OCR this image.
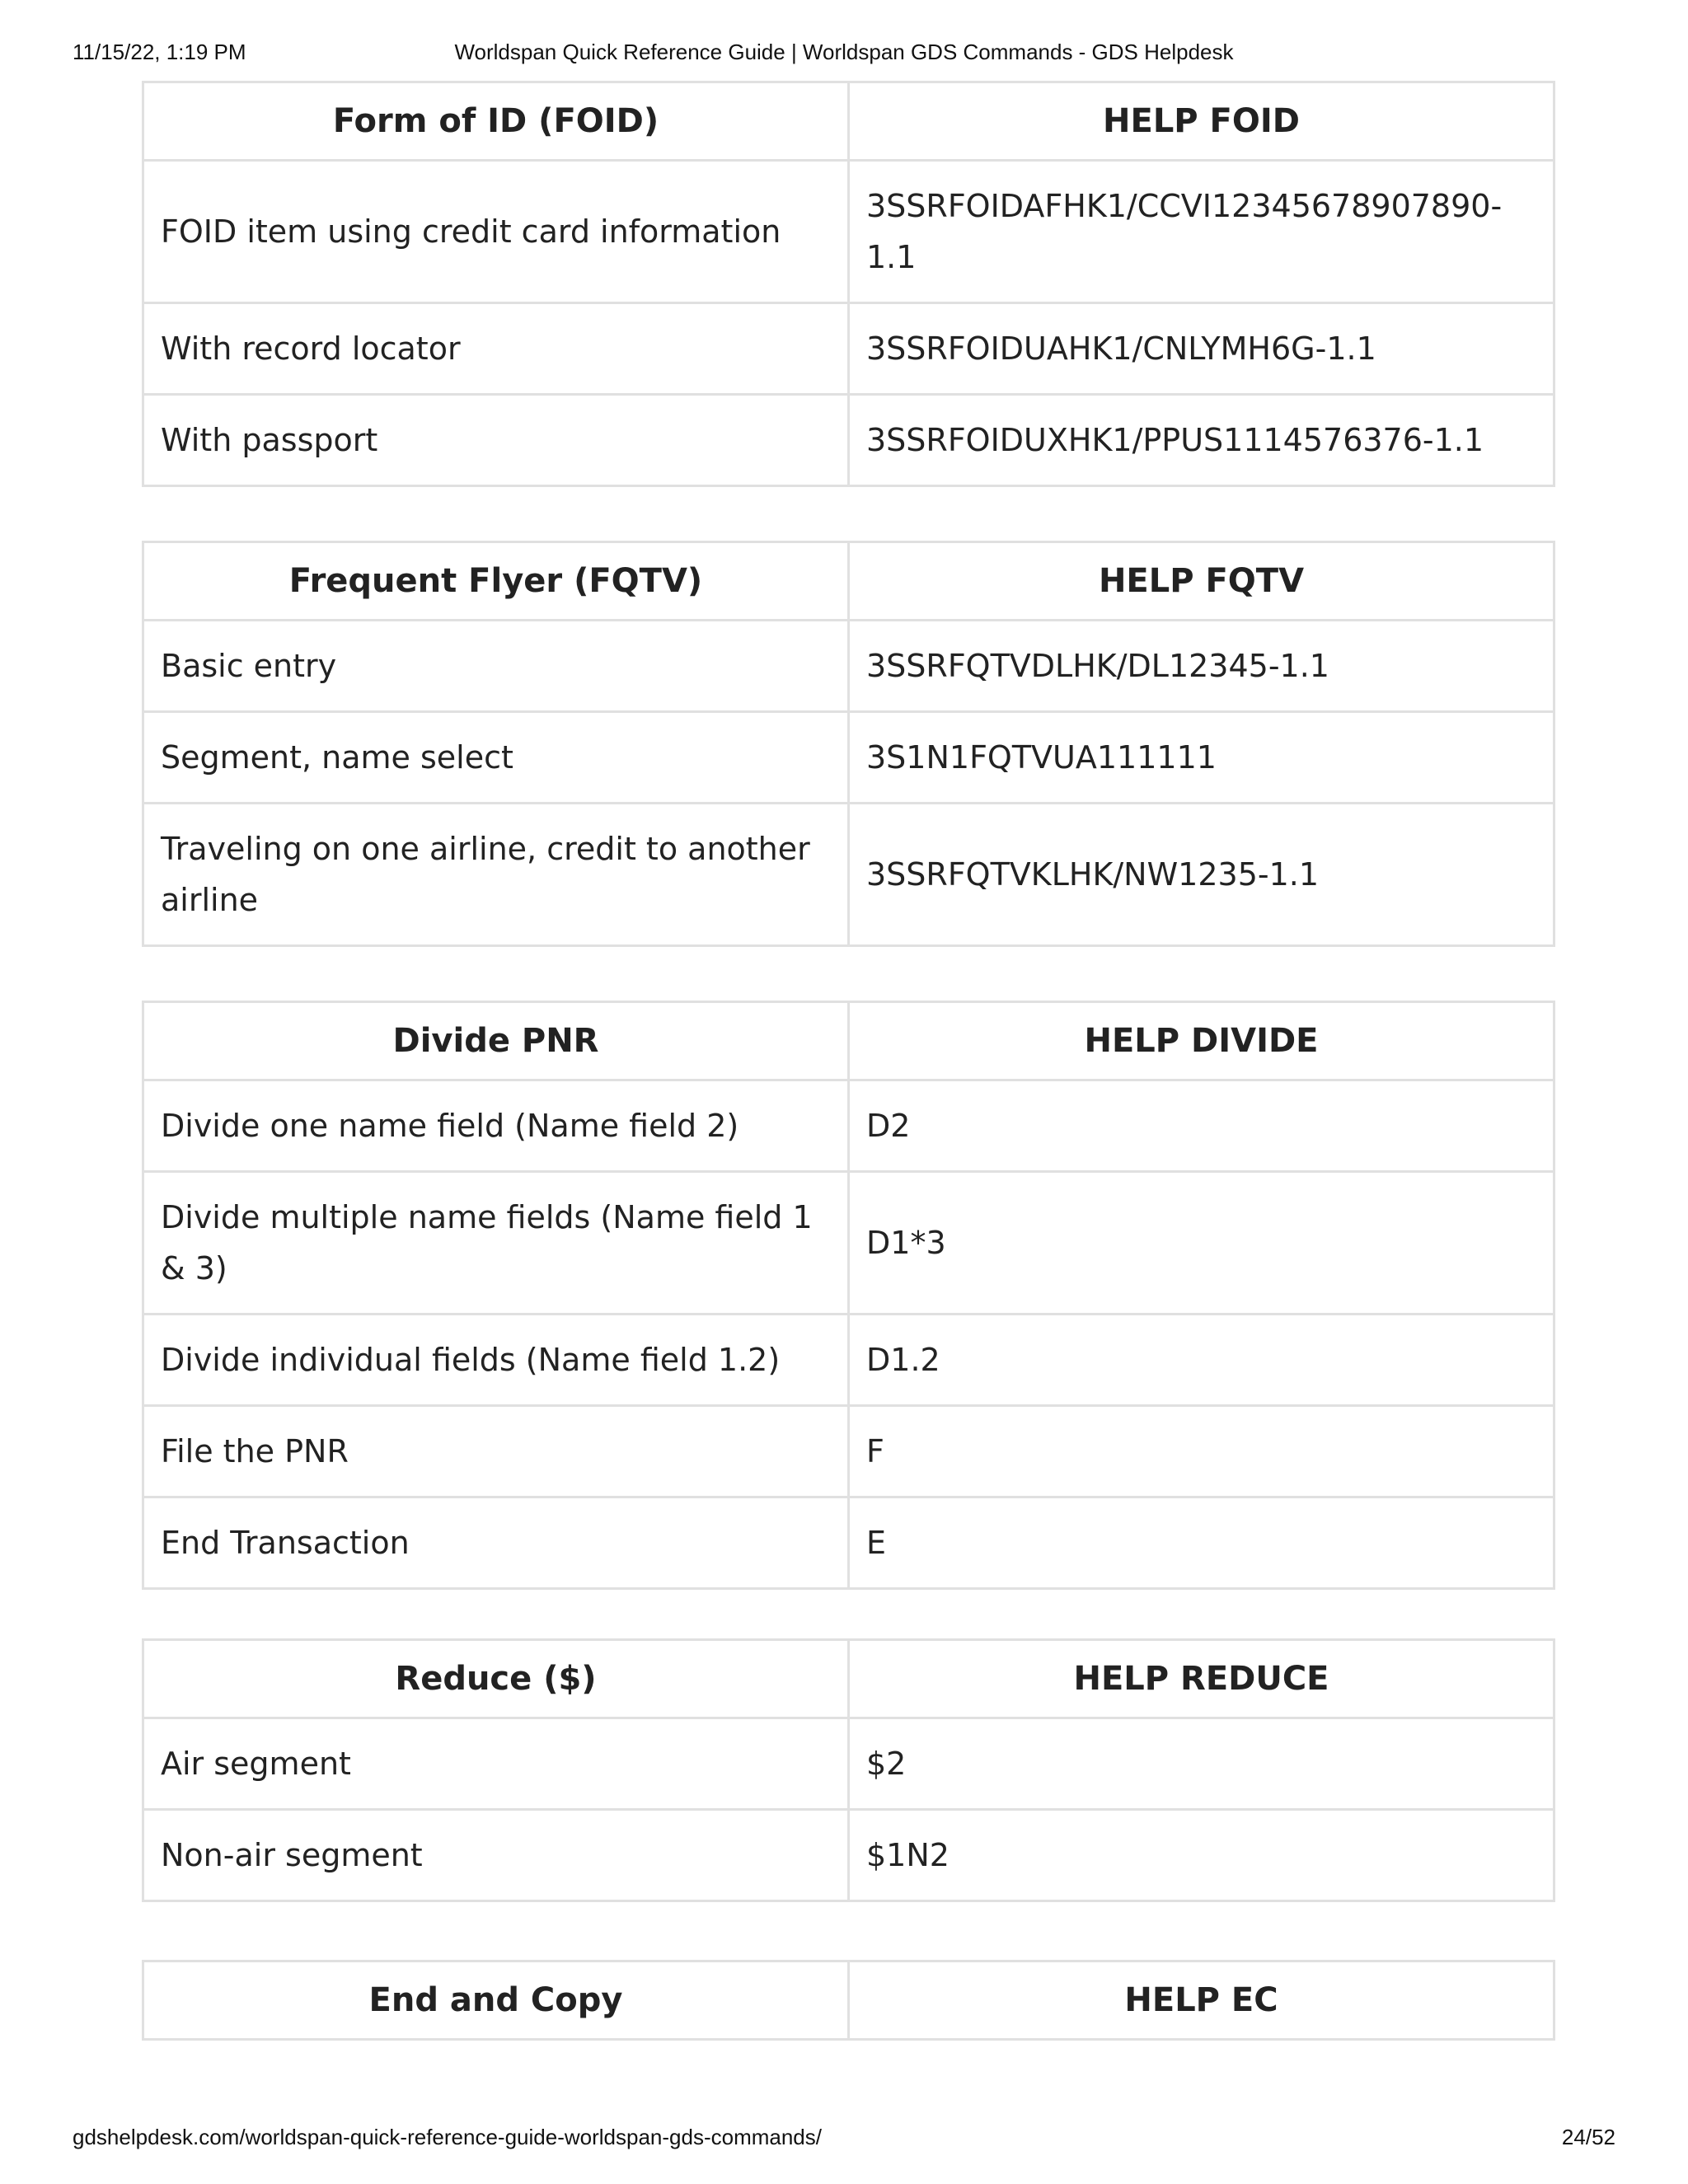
11/15/22, 1:19 PM	Worldspan Quick Reference Guide | Worldspan GDS Commands - GDS Helpdesk
Form of ID (FOID)	HELP FOID
FOID item using credit card information	3SSRFOIDAFHK1/CCVI12345678907890-1.1
With record locator	3SSRFOIDUAHK1/CNLYMH6G-1.1
With passport	3SSRFOIDUXHK1/PPUS1114576376-1.1
Frequent Flyer (FQTV)	HELP FQTV
Basic entry	3SSRFQTVDLHK/DL12345-1.1
Segment, name select	3S1N1FQTVUA111111
Traveling on one airline, credit to another airline	3SSRFQTVKLHK/NW1235-1.1
Divide PNR	HELP DIVIDE
Divide one name field (Name field 2)	D2
Divide multiple name fields (Name field 1 & 3)	D1*3
Divide individual fields (Name field 1.2)	D1.2
File the PNR	F
End Transaction	E
Reduce ($)	HELP REDUCE
Air segment	$2
Non-air segment	$1N2
End and Copy	HELP EC
gdshelpdesk.com/worldspan-quick-reference-guide-worldspan-gds-commands/	24/52
